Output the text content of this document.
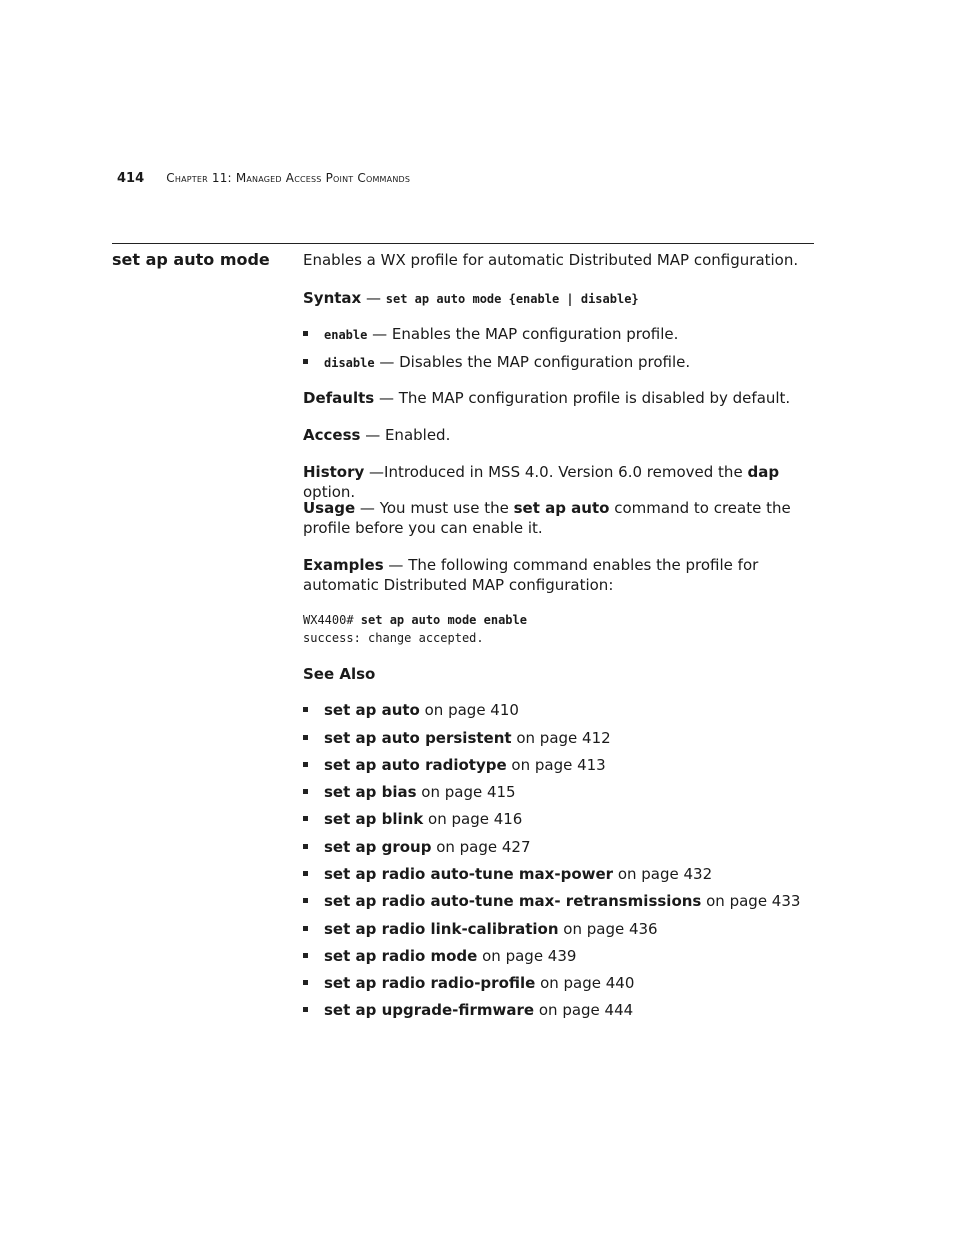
414 Chapter 11: Managed Access Point Commands
set ap auto mode Enables a WX profile for automatic Distributed MAP configuration.
Syntax — set ap auto mode {enable | disable}
enable — Enables the MAP configuration profile.
disable — Disables the MAP configuration profile.
Defaults — The MAP configuration profile is disabled by default.
Access — Enabled.
History —Introduced in MSS 4.0. Version 6.0 removed the dap option.
Usage — You must use the set ap auto command to create the profile before you can enable it.
Examples — The following command enables the profile for automatic Distributed MAP configuration:
WX4400# set ap auto mode enable
success: change accepted.
See Also
set ap auto on page 410
set ap auto persistent on page 412
set ap auto radiotype on page 413
set ap bias on page 415
set ap blink on page 416
set ap group on page 427
set ap radio auto-tune max-power on page 432
set ap radio auto-tune max- retransmissions on page 433
set ap radio link-calibration on page 436
set ap radio mode on page 439
set ap radio radio-profile on page 440
set ap upgrade-firmware on page 444
